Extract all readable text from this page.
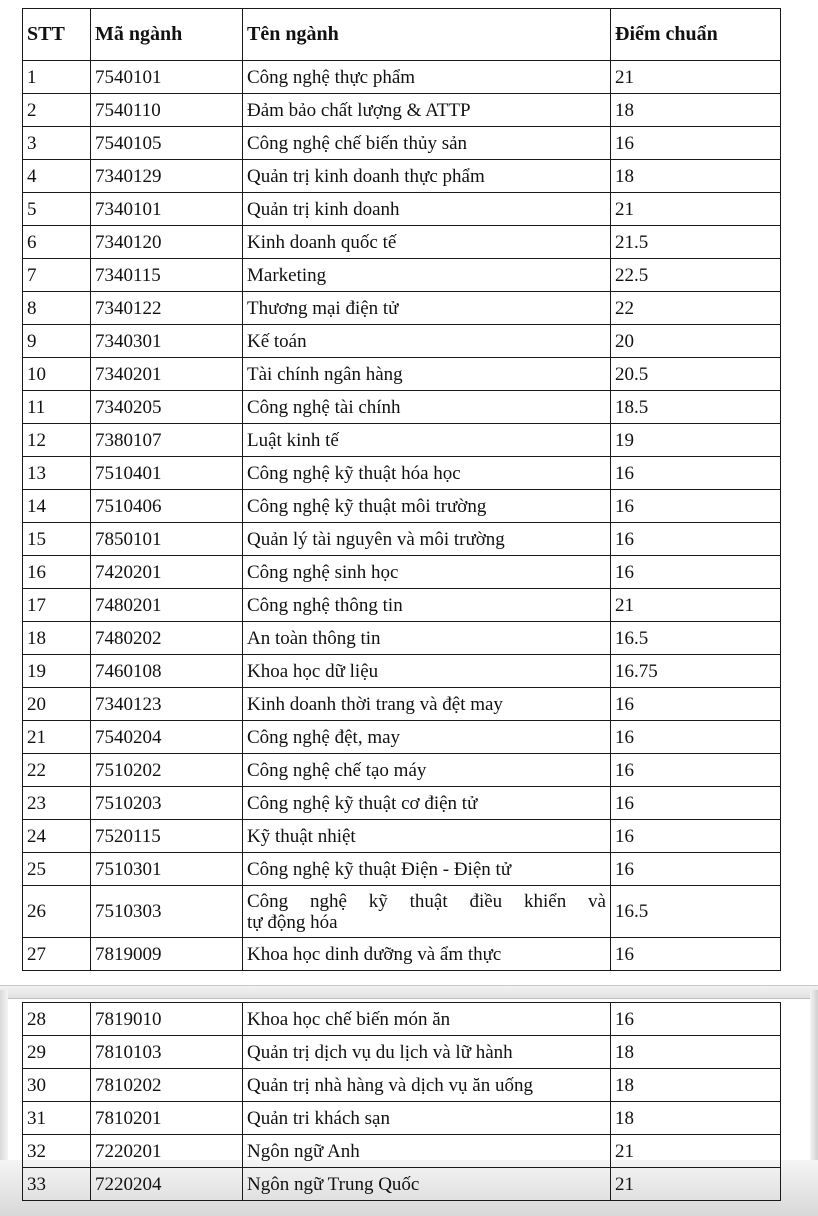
STT	Mã ngành	Tên ngành	Điểm chuẩn
1	7540101	Công nghệ thực phẩm	21
2	7540110	Đảm bảo chất lượng & ATTP	18
3	7540105	Công nghệ chế biến thủy sản	16
4	7340129	Quản trị kinh doanh thực phẩm	18
5	7340101	Quản trị kinh doanh	21
6	7340120	Kinh doanh quốc tế	21.5
7	7340115	Marketing	22.5
8	7340122	Thương mại điện tử	22
9	7340301	Kế toán	20
10	7340201	Tài chính ngân hàng	20.5
11	7340205	Công nghệ tài chính	18.5
12	7380107	Luật kinh tế	19
13	7510401	Công nghệ kỹ thuật hóa học	16
14	7510406	Công nghệ kỹ thuật môi trường	16
15	7850101	Quản lý tài nguyên và môi trường	16
16	7420201	Công nghệ sinh học	16
17	7480201	Công nghệ thông tin	21
18	7480202	An toàn thông tin	16.5
19	7460108	Khoa học dữ liệu	16.75
20	7340123	Kinh doanh thời trang và đệt may	16
21	7540204	Công nghệ đệt, may	16
22	7510202	Công nghệ chế tạo máy	16
23	7510203	Công nghệ kỹ thuật cơ điện tử	16
24	7520115	Kỹ thuật nhiệt	16
25	7510301	Công nghệ kỹ thuật Điện - Điện tử	16
26	7510303	Công nghệ kỹ thuật điều khiển và
tự động hóa	16.5
27	7819009	Khoa học dinh dưỡng và ẩm thực	16
28	7819010	Khoa học chế biến món ăn	16
29	7810103	Quản trị dịch vụ du lịch và lữ hành	18
30	7810202	Quản trị nhà hàng và dịch vụ ăn uống	18
31	7810201	Quản tri khách sạn	18
32	7220201	Ngôn ngữ Anh	21
33	7220204	Ngôn ngữ Trung Quốc	21
